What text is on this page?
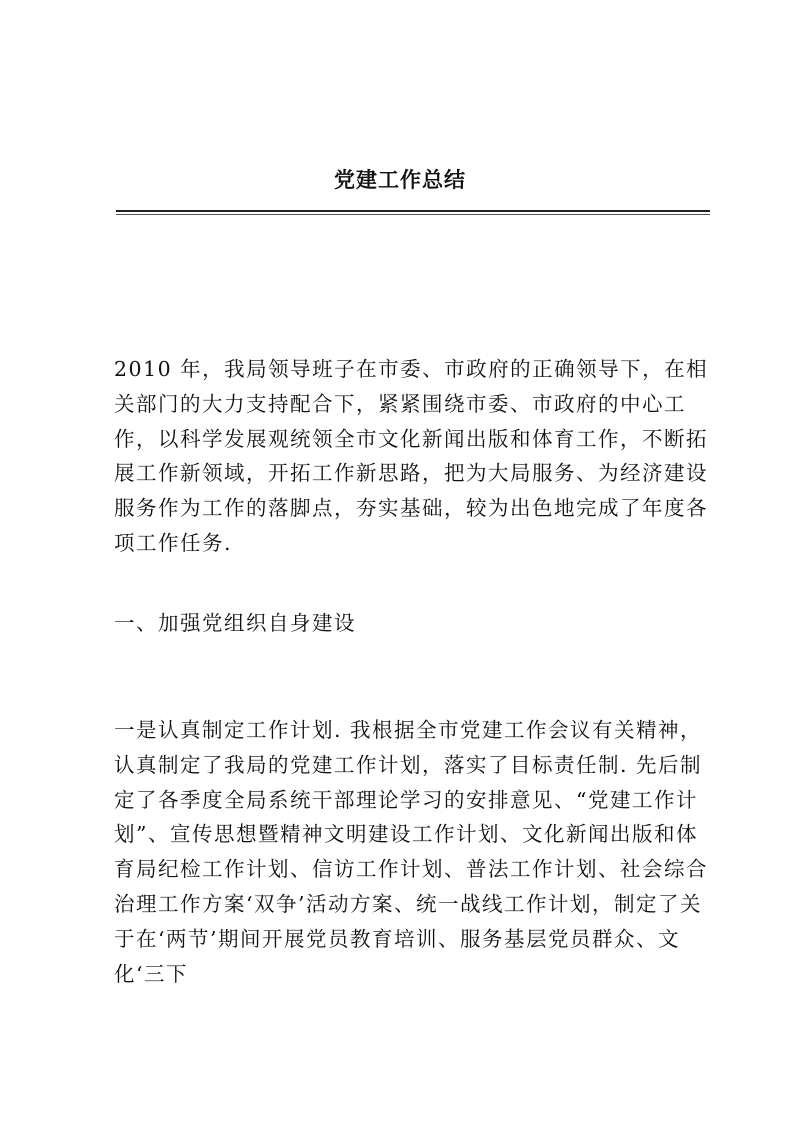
党建工作总结

2010 年，我局领导班子在市委、市政府的正确领导下，在相关部门的大力支持配合下，紧紧围绕市委、市政府的中心工作，以科学发展观统领全市文化新闻出版和体育工作，不断拓展工作新领域，开拓工作新思路，把为大局服务、为经济建设服务作为工作的落脚点，夯实基础，较为出色地完成了年度各项工作任务.

一、加强党组织自身建设

一是认真制定工作计划. 我根据全市党建工作会议有关精神，认真制定了我局的党建工作计划，落实了目标责任制. 先后制定了各季度全局系统干部理论学习的安排意见、“党建工作计划”、宣传思想暨精神文明建设工作计划、文化新闻出版和体育局纪检工作计划、信访工作计划、普法工作计划、社会综合治理工作方案‘双争’活动方案、统一战线工作计划，制定了关于在‘两节’期间开展党员教育培训、服务基层党员群众、文化‘三下
